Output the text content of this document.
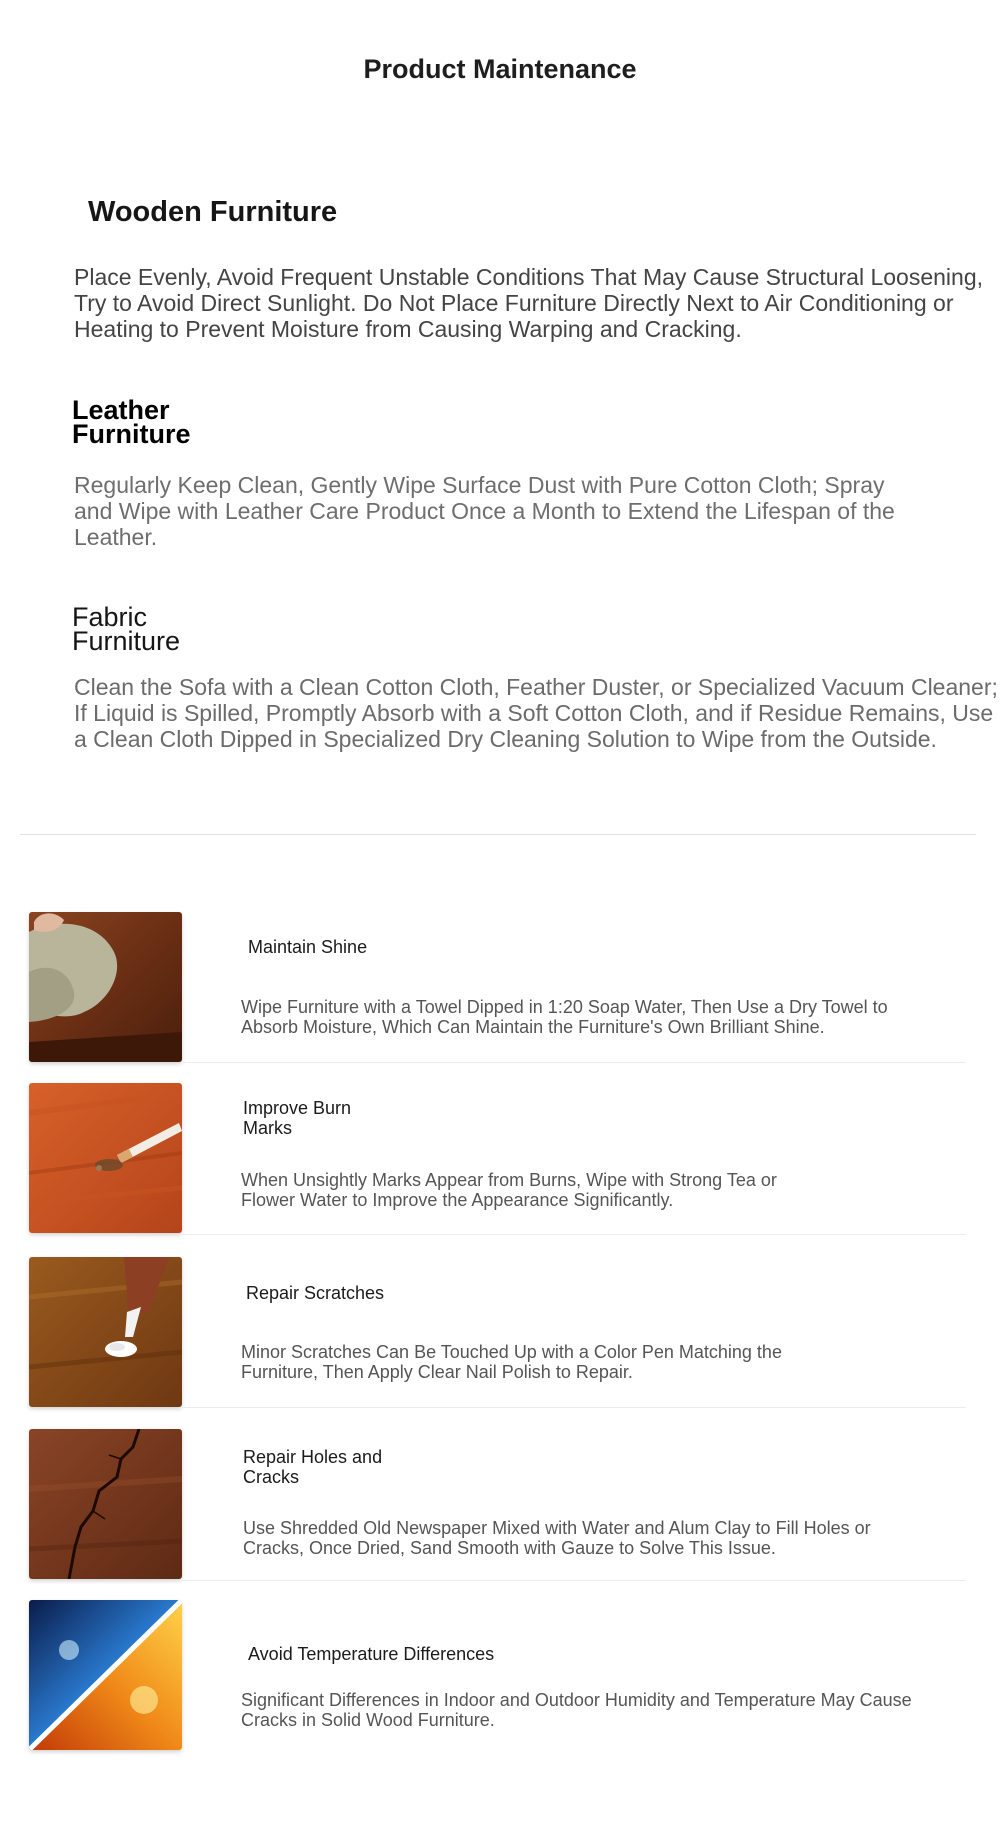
Product Maintenance
Wooden Furniture
Place Evenly, Avoid Frequent Unstable Conditions That May Cause Structural Loosening, Try to Avoid Direct Sunlight. Do Not Place Furniture Directly Next to Air Conditioning or Heating to Prevent Moisture from Causing Warping and Cracking.
Leather
Furniture
Regularly Keep Clean, Gently Wipe Surface Dust with Pure Cotton Cloth; Spray and Wipe with Leather Care Product Once a Month to Extend the Lifespan of the Leather.
Fabric
Furniture
Clean the Sofa with a Clean Cotton Cloth, Feather Duster, or Specialized Vacuum Cleaner; If Liquid is Spilled, Promptly Absorb with a Soft Cotton Cloth, and if Residue Remains, Use a Clean Cloth Dipped in Specialized Dry Cleaning Solution to Wipe from the Outside.
Maintain Shine
Wipe Furniture with a Towel Dipped in 1:20 Soap Water, Then Use a Dry Towel to Absorb Moisture, Which Can Maintain the Furniture's Own Brilliant Shine.
Improve Burn
Marks
When Unsightly Marks Appear from Burns, Wipe with Strong Tea or Flower Water to Improve the Appearance Significantly.
Repair Scratches
Minor Scratches Can Be Touched Up with a Color Pen Matching the Furniture, Then Apply Clear Nail Polish to Repair.
Repair Holes and
Cracks
Use Shredded Old Newspaper Mixed with Water and Alum Clay to Fill Holes or Cracks, Once Dried, Sand Smooth with Gauze to Solve This Issue.
Avoid Temperature Differences
Significant Differences in Indoor and Outdoor Humidity and Temperature May Cause Cracks in Solid Wood Furniture.
